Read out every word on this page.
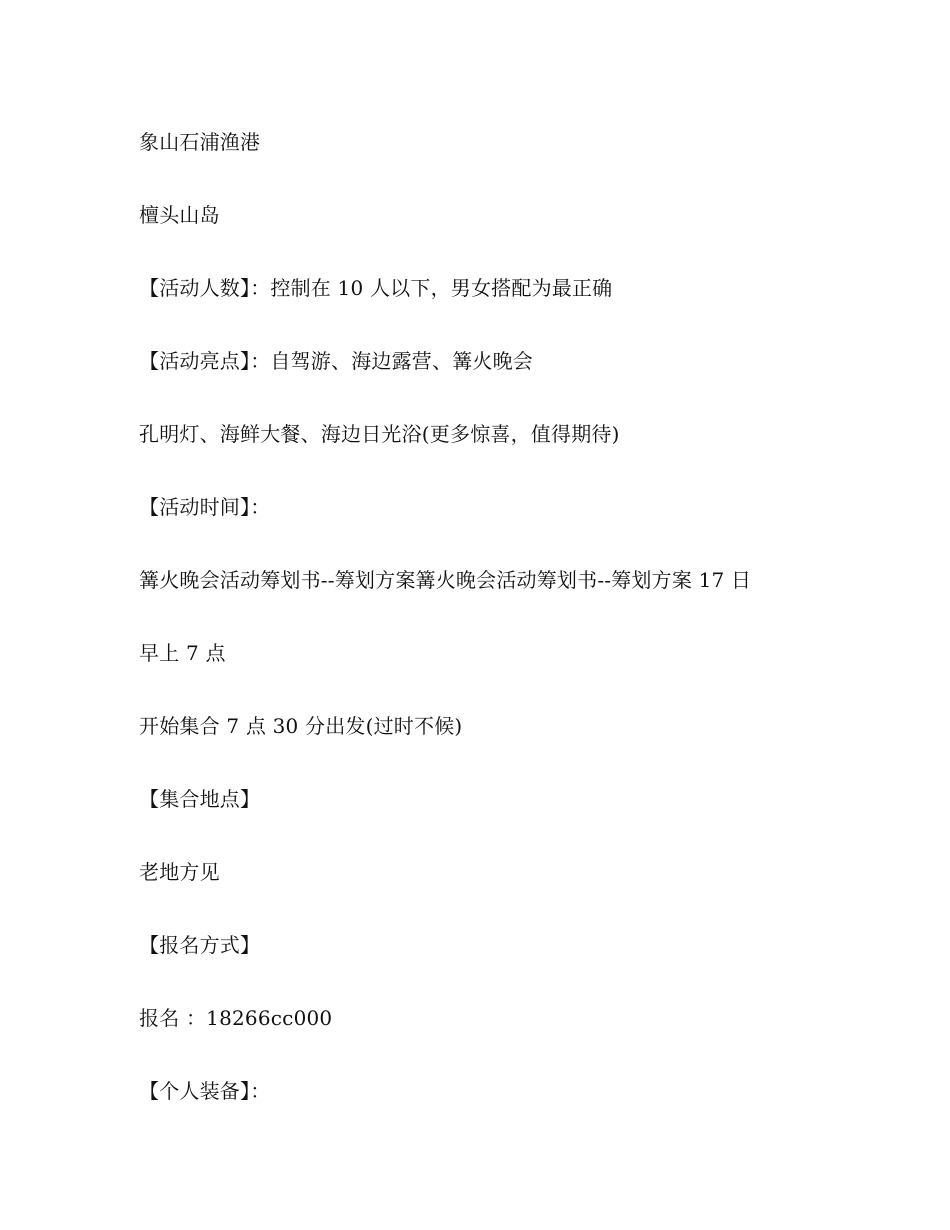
象山石浦渔港
檀头山岛
【活动人数】：控制在 10 人以下，男女搭配为最正确
【活动亮点】：自驾游、海边露营、篝火晚会
孔明灯、海鲜大餐、海边日光浴(更多惊喜，值得期待)
【活动时间】：
篝火晚会活动筹划书--筹划方案篝火晚会活动筹划书--筹划方案 17 日
早上 7 点
开始集合 7 点 30 分出发(过时不候)
【集合地点】
老地方见
【报名方式】
报名 ：18266cc000
【个人装备】：
